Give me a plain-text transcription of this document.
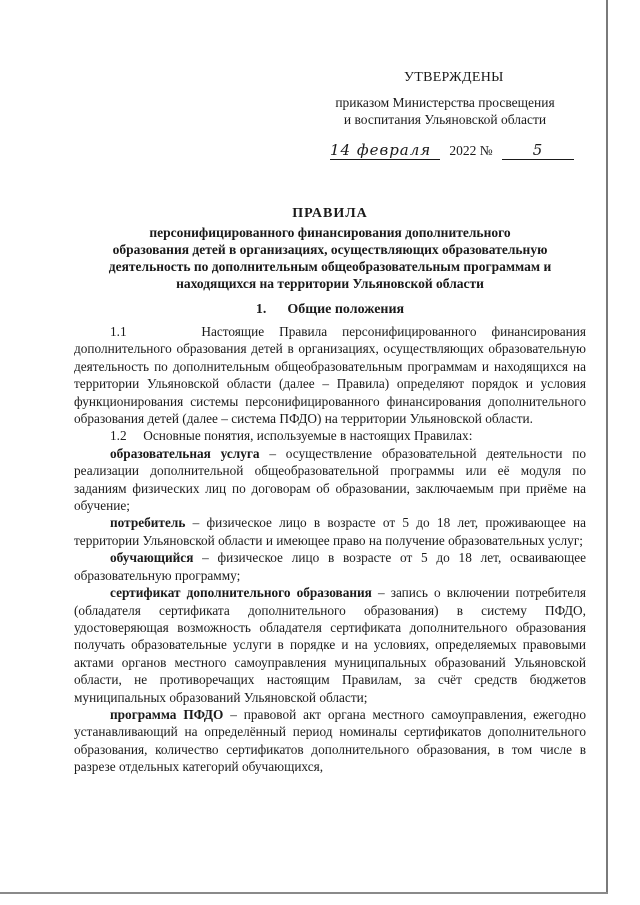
УТВЕРЖДЕНЫ
приказом Министерства просвещения
и воспитания Ульяновской области
14 февраля 2022 №	5
ПРАВИЛА
персонифицированного финансирования дополнительного
образования детей в организациях, осуществляющих образовательную
деятельность по дополнительным общеобразовательным программам и
находящихся на территории Ульяновской области
1.      Общие положения

1.1     Настоящие Правила персонифицированного финансирования дополнительного образования детей в организациях, осуществляющих образовательную деятельность по дополнительным общеобразовательным программам и находящихся на территории Ульяновской области (далее – Правила) определяют порядок и условия функционирования системы персонифицированного финансирования дополнительного образования детей (далее – система ПФДО) на территории Ульяновской области.

1.2     Основные понятия, используемые в настоящих Правилах:

образовательная услуга – осуществление образовательной деятельности по реализации дополнительной общеобразовательной программы или её модуля по заданиям физических лиц по договорам об образовании, заключаемым при приёме на обучение;

потребитель – физическое лицо в возрасте от 5 до 18 лет, проживающее на территории Ульяновской области и имеющее право на получение образовательных услуг;

обучающийся – физическое лицо в возрасте от 5 до 18 лет, осваивающее образовательную программу;

сертификат дополнительного образования – запись о включении потребителя (обладателя сертификата дополнительного образования) в систему ПФДО, удостоверяющая возможность обладателя сертификата дополнительного образования получать образовательные услуги в порядке и на условиях, определяемых правовыми актами органов местного самоуправления муниципальных образований Ульяновской области, не противоречащих настоящим Правилам, за счёт средств бюджетов муниципальных образований Ульяновской области;

программа ПФДО – правовой акт органа местного самоуправления, ежегодно устанавливающий на определённый период номиналы сертификатов дополнительного образования, количество сертификатов дополнительного образования, в том числе в разрезе отдельных категорий обучающихся,
